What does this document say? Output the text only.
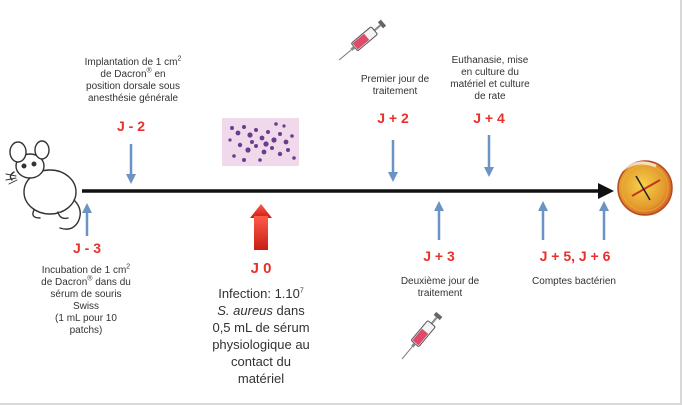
Implantation de 1 $cm^2$
de Dacron® en
position dorsale sous
anesthésie générale
J - 2
J - 3
Incubation de 1 $cm^2$
de Dacron® dans du
sérum de souris
Swiss
(1 mL pour 10
patchs)
J 0
Infection: 1.10$^7$
S. aureus dans
0,5 mL de sérum
physiologique au
contact du
matériel
Premier jour de
traitement
J + 2
Euthanasie, mise
en culture du
matériel et culture
de rate
J + 4
J + 3
Deuxième jour de
traitement
J + 5, J + 6
Comptes bactérien
